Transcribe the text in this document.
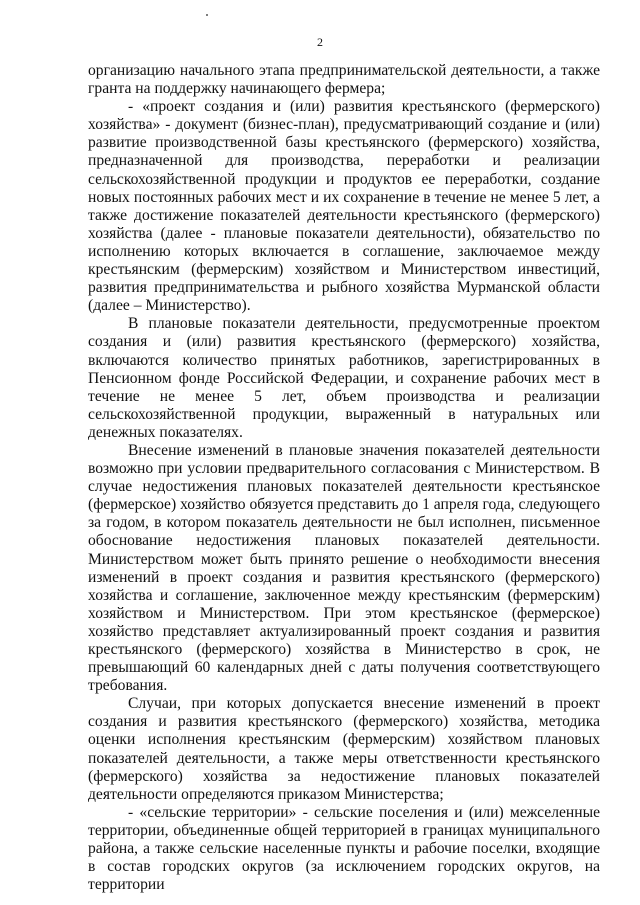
2

организацию начального этапа предпринимательской деятельности, а также гранта на поддержку начинающего фермера;

- «проект создания и (или) развития крестьянского (фермерского) хозяйства» - документ (бизнес-план), предусматривающий создание и (или) развитие производственной базы крестьянского (фермерского) хозяйства, предназначенной для производства, переработки и реализации сельскохозяйственной продукции и продуктов ее переработки, создание новых постоянных рабочих мест и их сохранение в течение не менее 5 лет, а также достижение показателей деятельности крестьянского (фермерского) хозяйства (далее - плановые показатели деятельности), обязательство по исполнению которых включается в соглашение, заключаемое между крестьянским (фермерским) хозяйством и Министерством инвестиций, развития предпринимательства и рыбного хозяйства Мурманской области (далее – Министерство).

В плановые показатели деятельности, предусмотренные проектом создания и (или) развития крестьянского (фермерского) хозяйства, включаются количество принятых работников, зарегистрированных в Пенсионном фонде Российской Федерации, и сохранение рабочих мест в течение не менее 5 лет, объем производства и реализации сельскохозяйственной продукции, выраженный в натуральных или денежных показателях.

Внесение изменений в плановые значения показателей деятельности возможно при условии предварительного согласования с Министерством. В случае недостижения плановых показателей деятельности крестьянское (фермерское) хозяйство обязуется представить до 1 апреля года, следующего за годом, в котором показатель деятельности не был исполнен, письменное обоснование недостижения плановых показателей деятельности. Министерством может быть принято решение о необходимости внесения изменений в проект создания и развития крестьянского (фермерского) хозяйства и соглашение, заключенное между крестьянским (фермерским) хозяйством и Министерством. При этом крестьянское (фермерское) хозяйство представляет актуализированный проект создания и развития крестьянского (фермерского) хозяйства в Министерство в срок, не превышающий 60 календарных дней с даты получения соответствующего требования.

Случаи, при которых допускается внесение изменений в проект создания и развития крестьянского (фермерского) хозяйства, методика оценки исполнения крестьянским (фермерским) хозяйством плановых показателей деятельности, а также меры ответственности крестьянского (фермерского) хозяйства за недостижение плановых показателей деятельности определяются приказом Министерства;

- «сельские территории» - сельские поселения и (или) межселенные территории, объединенные общей территорией в границах муниципального района, а также сельские населенные пункты и рабочие поселки, входящие в состав городских округов (за исключением городских округов, на территории
